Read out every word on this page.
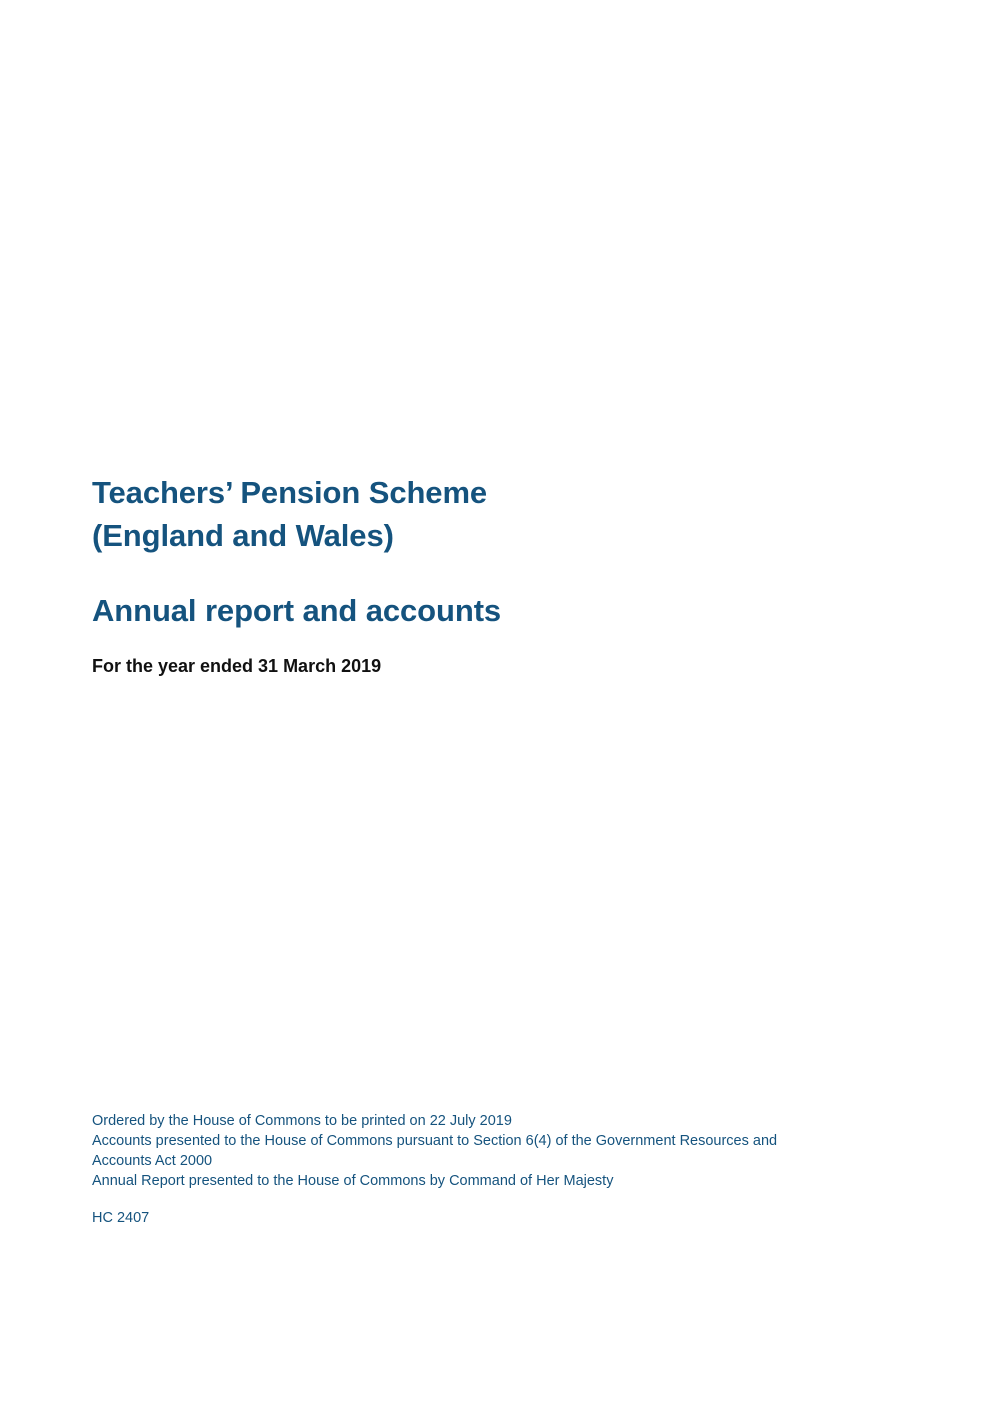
Teachers’ Pension Scheme
(England and Wales)
Annual report and accounts
For the year ended 31 March 2019
Ordered by the House of Commons to be printed on 22 July 2019
Accounts presented to the House of Commons pursuant to Section 6(4) of the Government Resources and
Accounts Act 2000
Annual Report presented to the House of Commons by Command of Her Majesty
HC 2407
